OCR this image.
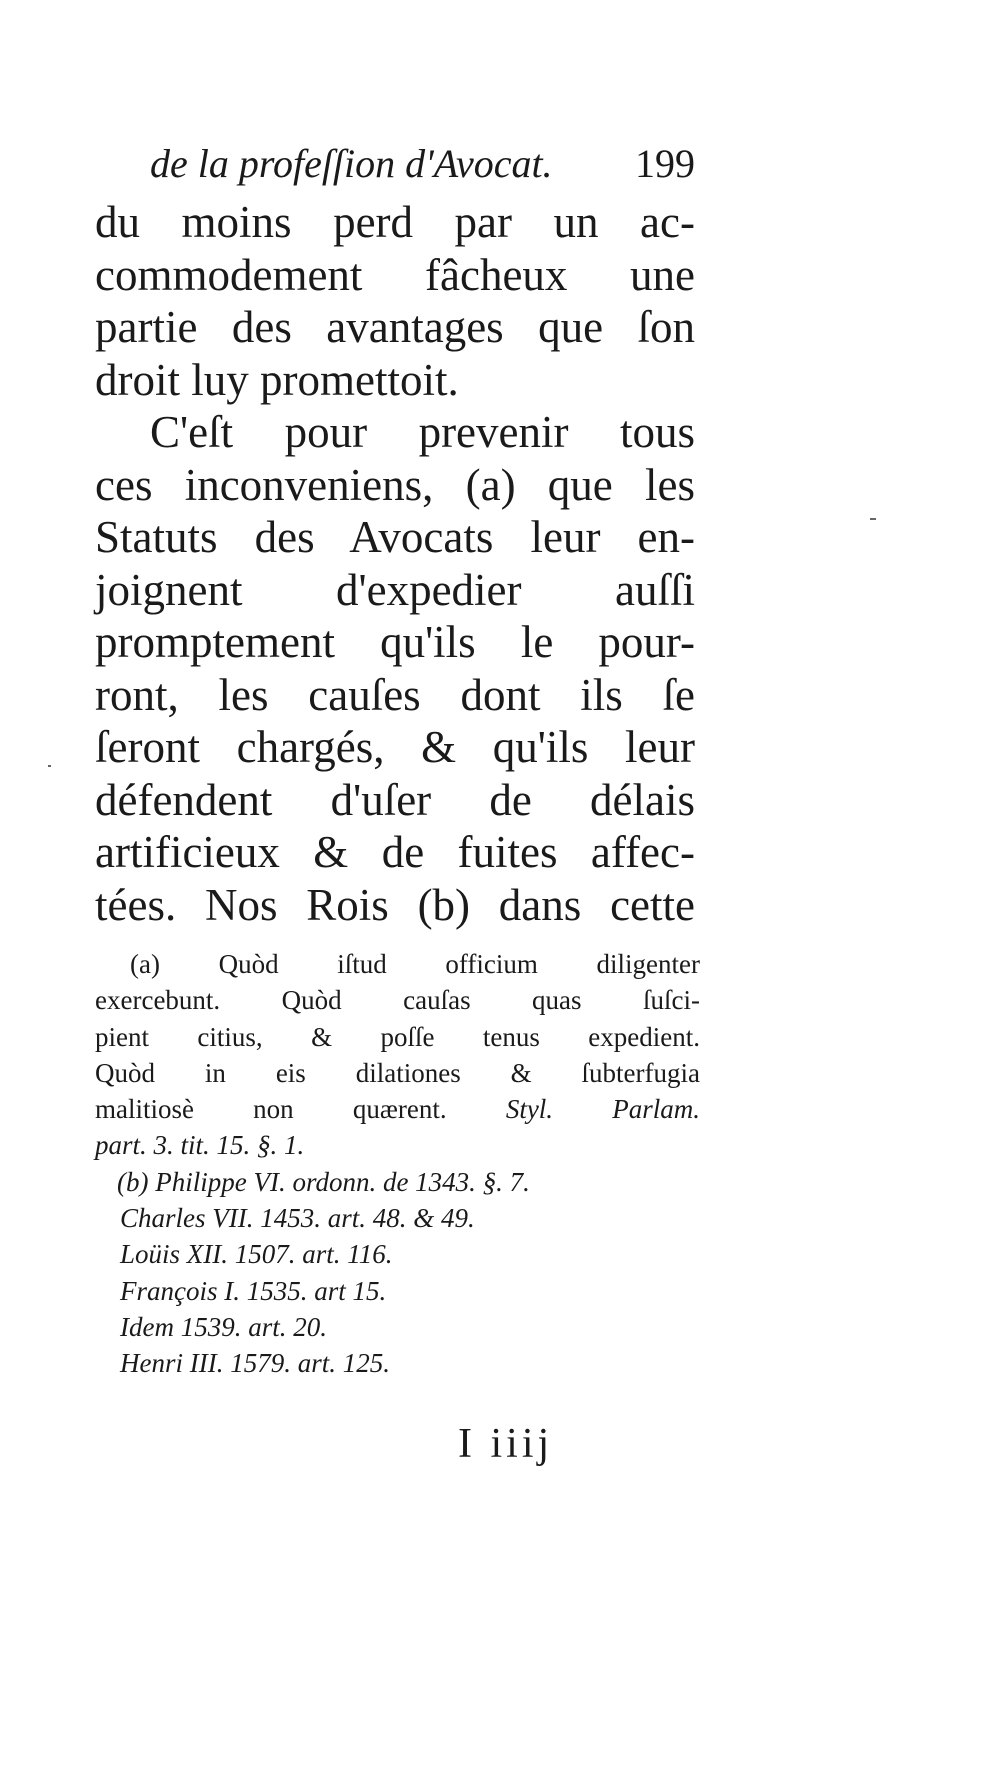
de la profeſſion d'Avocat. 199
du moins perd par un ac-
commodement fâcheux une
partie des avantages que ſon
droit luy promettoit.
C'eſt pour prevenir tous
ces inconveniens, (a) que les
Statuts des Avocats leur en-
joignent d'expedier auſſi
promptement qu'ils le pour-
ront, les cauſes dont ils ſe
ſeront chargés, & qu'ils leur
défendent d'uſer de délais
artificieux & de fuites affec-
tées. Nos Rois (b) dans cette
(a) Quòd iſtud officium diligenter
exercebunt. Quòd cauſas quas ſuſci-
pient citius, & poſſe tenus expedient.
Quòd in eis dilationes & ſubterfugia
malitiosè non quærent. Styl. Parlam.
part. 3. tit. 15. §. 1.
(b) Philippe VI. ordonn. de 1343. §. 7.
Charles VII. 1453. art. 48. & 49.
Loüis XII. 1507. art. 116.
François I. 1535. art 15.
Idem 1539. art. 20.
Henri III. 1579. art. 125.
I iiij
